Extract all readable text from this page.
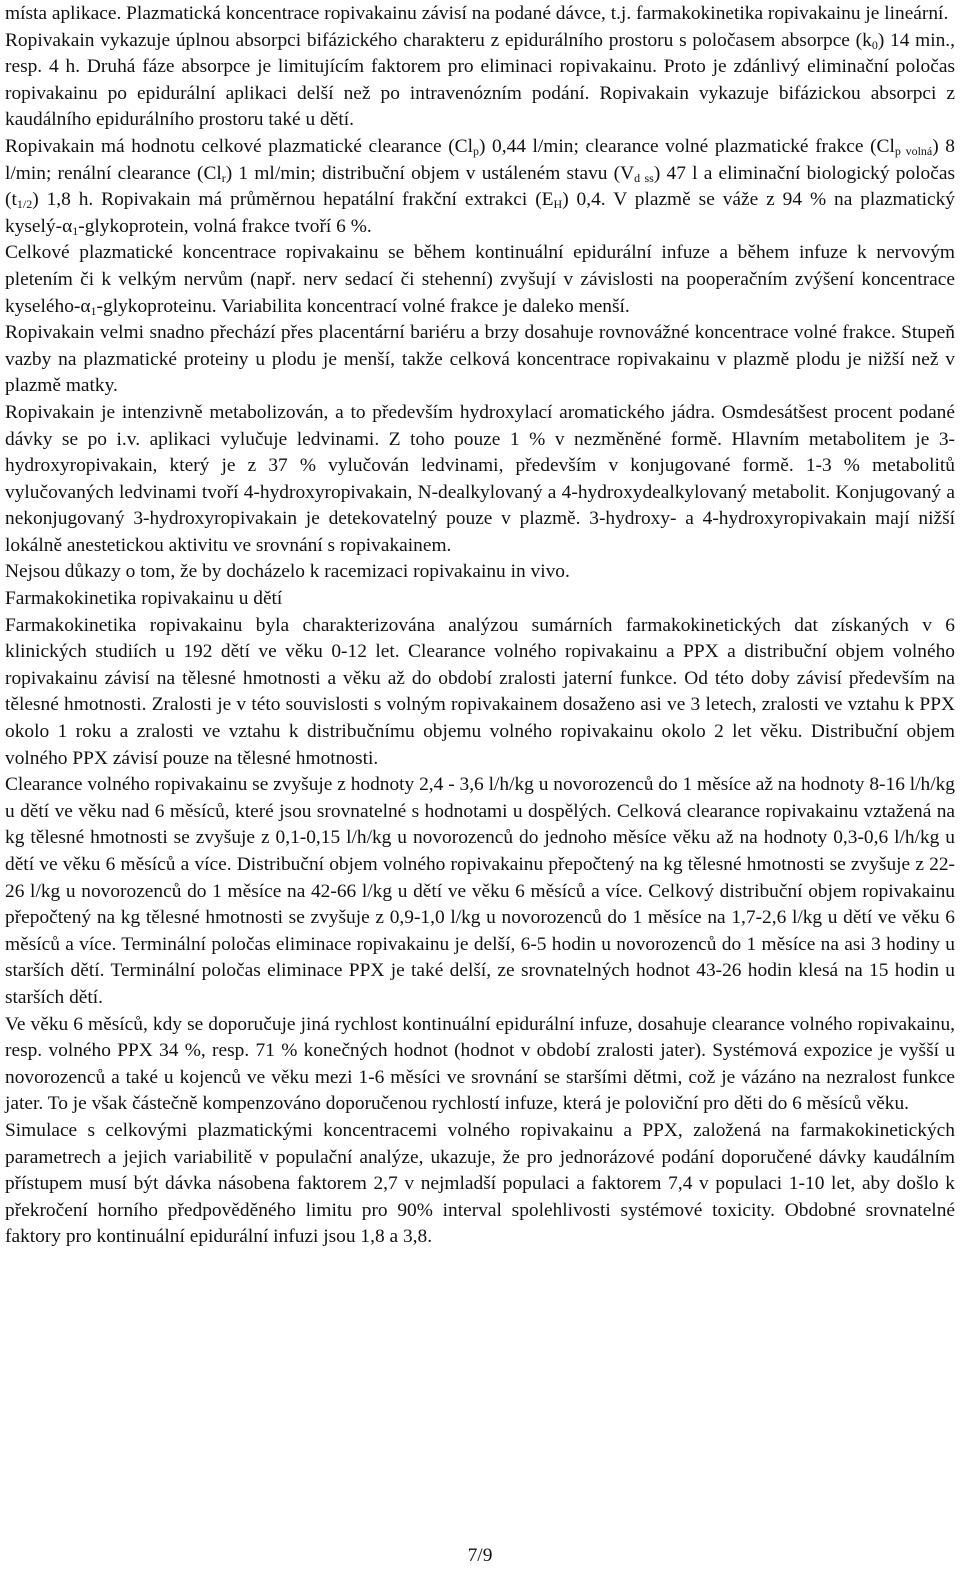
místa aplikace. Plazmatická koncentrace ropivakainu závisí na podané dávce, t.j. farmakokinetika ropivakainu je lineární.

Ropivakain vykazuje úplnou absorpci bifázického charakteru z epidurálního prostoru s poločasem absorpce $(k_0)$ 14 min., resp. 4 h. Druhá fáze absorpce je limitujícím faktorem pro eliminaci ropivakainu. Proto je zdánlivý eliminační poločas ropivakainu po epidurální aplikaci delší než po intravenózním podání. Ropivakain vykazuje bifázickou absorpci z kaudálního epidurálního prostoru také u dětí.

Ropivakain má hodnotu celkové plazmatické clearance $(Cl_p)$ 0,44 l/min; clearance volné plazmatické frakce $(Cl_{p volná})$ 8 l/min; renální clearance $(Cl_r)$ 1 ml/min; distribuční objem v ustáleném stavu $(V_{d ss})$ 47 l a eliminační biologický poločas $(t_{1/2})$ 1,8 h. Ropivakain má průměrnou hepatální frakční extrakci $(E_H)$ 0,4. V plazmě se váže z 94 % na plazmatický kyselý-$\alpha_1$-glykoprotein, volná frakce tvoří 6 %.

Celkové plazmatické koncentrace ropivakainu se během kontinuální epidurální infuze a během infuze k nervovým pletením či k velkým nervům (např. nerv sedací či stehenní) zvyšují v závislosti na pooperačním zvýšení koncentrace kyselého-$\alpha_1$-glykoproteinu. Variabilita koncentrací volné frakce je daleko menší.

Ropivakain velmi snadno přechází přes placentární bariéru a brzy dosahuje rovnovážné koncentrace volné frakce. Stupeň vazby na plazmatické proteiny u plodu je menší, takže celková koncentrace ropivakainu v plazmě plodu je nižší než v plazmě matky.

Ropivakain je intenzivně metabolizován, a to především hydroxylací aromatického jádra. Osmdesátšest procent podané dávky se po i.v. aplikaci vylučuje ledvinami. Z toho pouze 1 % v nezměněné formě. Hlavním metabolitem je 3-hydroxyropivakain, který je z 37 % vylučován ledvinami, především v konjugované formě. 1-3 % metabolitů vylučovaných ledvinami tvoří 4-hydroxyropivakain, N-dealkylovaný a 4-hydroxydealkylovaný metabolit. Konjugovaný a nekonjugovaný 3-hydroxyropivakain je detekovatelný pouze v plazmě. 3-hydroxy- a 4-hydroxyropivakain mají nižší lokálně anestetickou aktivitu ve srovnání s ropivakainem.

Nejsou důkazy o tom, že by docházelo k racemizaci ropivakainu in vivo.

Farmakokinetika ropivakainu u dětí

Farmakokinetika ropivakainu byla charakterizována analýzou sumárních farmakokinetických dat získaných v 6 klinických studiích u 192 dětí ve věku 0-12 let. Clearance volného ropivakainu a PPX a distribuční objem volného ropivakainu závisí na tělesné hmotnosti a věku až do období zralosti jaterní funkce. Od této doby závisí především na tělesné hmotnosti. Zralosti je v této souvislosti s volným ropivakainem dosaženo asi ve 3 letech, zralosti ve vztahu k PPX okolo 1 roku a zralosti ve vztahu k distribučnímu objemu volného ropivakainu okolo 2 let věku. Distribuční objem volného PPX závisí pouze na tělesné hmotnosti.

Clearance volného ropivakainu se zvyšuje z hodnoty 2,4 - 3,6 l/h/kg u novorozenců do 1 měsíce až na hodnoty 8-16 l/h/kg u dětí ve věku nad 6 měsíců, které jsou srovnatelné s hodnotami u dospělých. Celková clearance ropivakainu vztažená na kg tělesné hmotnosti se zvyšuje z 0,1-0,15 l/h/kg u novorozenců do jednoho měsíce věku až na hodnoty 0,3-0,6 l/h/kg u dětí ve věku 6 měsíců a více. Distribuční objem volného ropivakainu přepočtený na kg tělesné hmotnosti se zvyšuje z 22-26 l/kg u novorozenců do 1 měsíce na 42-66 l/kg u dětí ve věku 6 měsíců a více. Celkový distribuční objem ropivakainu přepočtený na kg tělesné hmotnosti se zvyšuje z 0,9-1,0 l/kg u novorozenců do 1 měsíce na 1,7-2,6 l/kg u dětí ve věku 6 měsíců a více. Terminální poločas eliminace ropivakainu je delší, 6-5 hodin u novorozenců do 1 měsíce na asi 3 hodiny u starších dětí. Terminální poločas eliminace PPX je také delší, ze srovnatelných hodnot 43-26 hodin klesá na 15 hodin u starších dětí.

Ve věku 6 měsíců, kdy se doporučuje jiná rychlost kontinuální epidurální infuze, dosahuje clearance volného ropivakainu, resp. volného PPX 34 %, resp. 71 % konečných hodnot (hodnot v období zralosti jater). Systémová expozice je vyšší u novorozenců a také u kojenců ve věku mezi 1-6 měsíci ve srovnání se staršími dětmi, což je vázáno na nezralost funkce jater. To je však částečně kompenzováno doporučenou rychlostí infuze, která je poloviční pro děti do 6 měsíců věku.

Simulace s celkovými plazmatickými koncentracemi volného ropivakainu a PPX, založená na farmakokinetických parametrech a jejich variabilitě v populační analýze, ukazuje, že pro jednorázové podání doporučené dávky kaudálním přístupem musí být dávka násobena faktorem 2,7 v nejmladší populaci a faktorem 7,4 v populaci 1-10 let, aby došlo k překročení horního předpověděného limitu pro 90% interval spolehlivosti systémové toxicity. Obdobné srovnatelné faktory pro kontinuální epidurální infuzi jsou 1,8 a 3,8.

7/9
